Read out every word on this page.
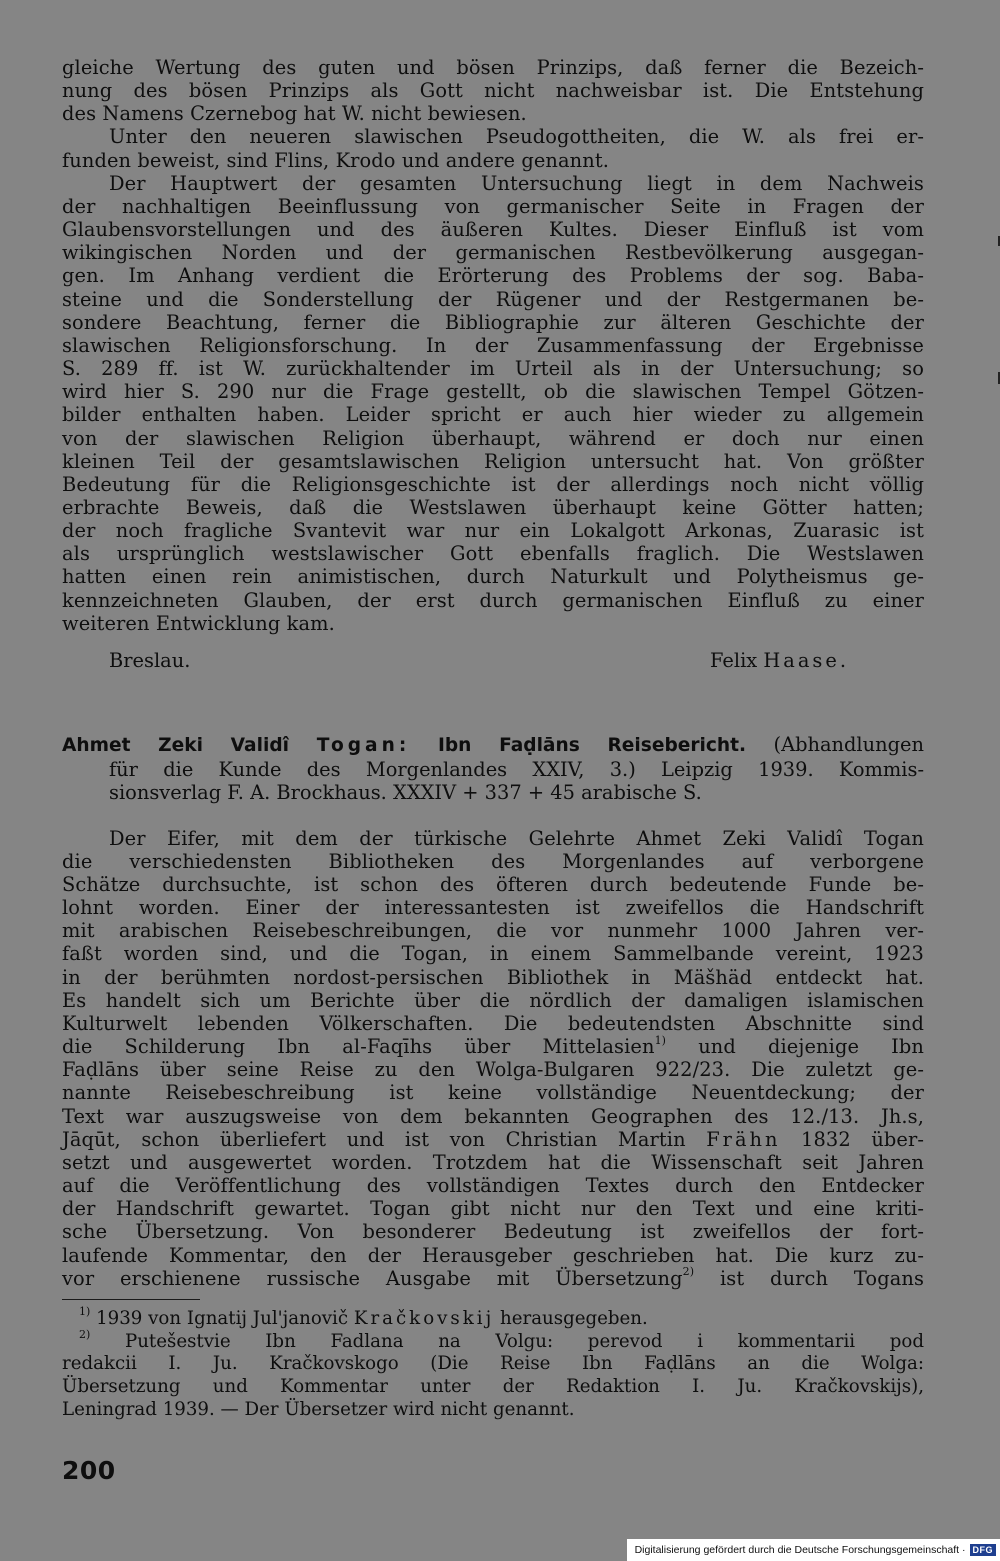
gleiche Wertung des guten und bösen Prinzips, daß ferner die Bezeich-
nung des bösen Prinzips als Gott nicht nachweisbar ist. Die Entstehung
des Namens Czernebog hat W. nicht bewiesen.
Unter den neueren slawischen Pseudogottheiten, die W. als frei er-
funden beweist, sind Flins, Krodo und andere genannt.
Der Hauptwert der gesamten Untersuchung liegt in dem Nachweis
der nachhaltigen Beeinflussung von germanischer Seite in Fragen der
Glaubensvorstellungen und des äußeren Kultes. Dieser Einfluß ist vom
wikingischen Norden und der germanischen Restbevölkerung ausgegan-
gen. Im Anhang verdient die Erörterung des Problems der sog. Baba-
steine und die Sonderstellung der Rügener und der Restgermanen be-
sondere Beachtung, ferner die Bibliographie zur älteren Geschichte der
slawischen Religionsforschung. In der Zusammenfassung der Ergebnisse
S. 289 ff. ist W. zurückhaltender im Urteil als in der Untersuchung; so
wird hier S. 290 nur die Frage gestellt, ob die slawischen Tempel Götzen-
bilder enthalten haben. Leider spricht er auch hier wieder zu allgemein
von der slawischen Religion überhaupt, während er doch nur einen
kleinen Teil der gesamtslawischen Religion untersucht hat. Von größter
Bedeutung für die Religionsgeschichte ist der allerdings noch nicht völlig
erbrachte Beweis, daß die Westslawen überhaupt keine Götter hatten;
der noch fragliche Svantevit war nur ein Lokalgott Arkonas, Zuarasic ist
als ursprünglich westslawischer Gott ebenfalls fraglich. Die Westslawen
hatten einen rein animistischen, durch Naturkult und Polytheismus ge-
kennzeichneten Glauben, der erst durch germanischen Einfluß zu einer
weiteren Entwicklung kam.
Breslau.	Felix Haase.
Ahmet Zeki Validî Togan: Ibn Faḍlāns Reisebericht. (Abhandlungen
für die Kunde des Morgenlandes XXIV, 3.) Leipzig 1939. Kommis-
sionsverlag F. A. Brockhaus. XXXIV + 337 + 45 arabische S.
Der Eifer, mit dem der türkische Gelehrte Ahmet Zeki Validî Togan
die verschiedensten Bibliotheken des Morgenlandes auf verborgene
Schätze durchsuchte, ist schon des öfteren durch bedeutende Funde be-
lohnt worden. Einer der interessantesten ist zweifellos die Handschrift
mit arabischen Reisebeschreibungen, die vor nunmehr 1000 Jahren ver-
faßt worden sind, und die Togan, in einem Sammelbande vereint, 1923
in der berühmten nordost-persischen Bibliothek in Mäšhäd entdeckt hat.
Es handelt sich um Berichte über die nördlich der damaligen islamischen
Kulturwelt lebenden Völkerschaften. Die bedeutendsten Abschnitte sind
die Schilderung Ibn al-Faqīhs über Mittelasien$^{1)}$ und diejenige Ibn
Faḍlāns über seine Reise zu den Wolga-Bulgaren 922/23. Die zuletzt ge-
nannte Reisebeschreibung ist keine vollständige Neuentdeckung; der
Text war auszugsweise von dem bekannten Geographen des 12./13. Jh.s,
Jāqūt, schon überliefert und ist von Christian Martin Frähn 1832 über-
setzt und ausgewertet worden. Trotzdem hat die Wissenschaft seit Jahren
auf die Veröffentlichung des vollständigen Textes durch den Entdecker
der Handschrift gewartet. Togan gibt nicht nur den Text und eine kriti-
sche Übersetzung. Von besonderer Bedeutung ist zweifellos der fort-
laufende Kommentar, den der Herausgeber geschrieben hat. Die kurz zu-
vor erschienene russische Ausgabe mit Übersetzung$^{2)}$ ist durch Togans
$^{1)}$ 1939 von Ignatij Jul'janovič Kračkovskij herausgegeben.
$^{2)}$ Putešestvie Ibn Fadlana na Volgu: perevod i kommentarii pod
redakcii I. Ju. Kračkovskogo (Die Reise Ibn Faḍlāns an die Wolga:
Übersetzung und Kommentar unter der Redaktion I. Ju. Kračkovskijs),
Leningrad 1939. — Der Übersetzer wird nicht genannt.
200
Digitalisierung gefördert durch die Deutsche Forschungsgemeinschaft · DFG
